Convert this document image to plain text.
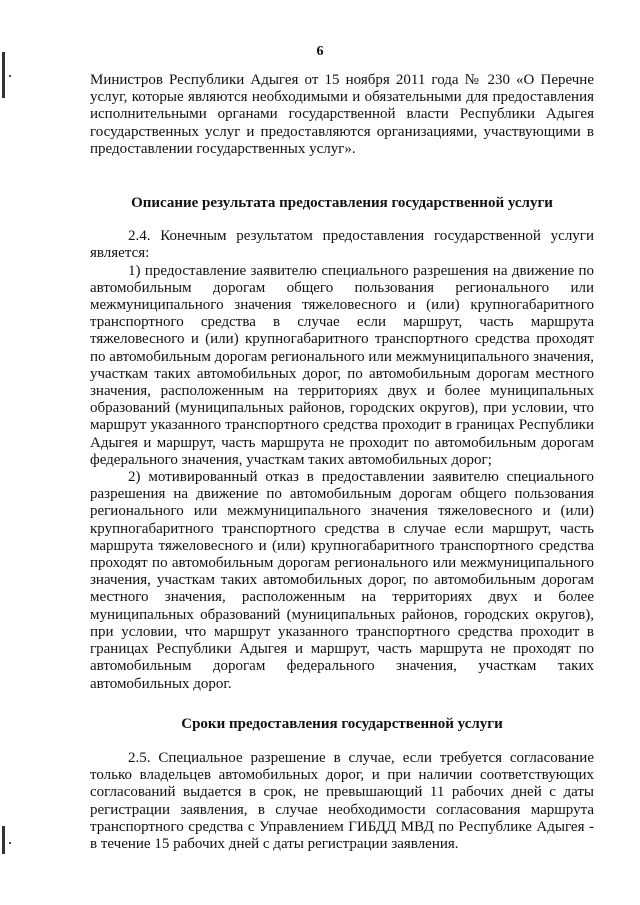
6

Министров Республики Адыгея от 15 ноября 2011 года № 230 «О Перечне услуг, которые являются необходимыми и обязательными для предоставления исполнительными органами государственной власти Республики Адыгея государственных услуг и предоставляются организациями, участвующими в предоставлении государственных услуг».

Описание результата предоставления государственной услуги

2.4. Конечным результатом предоставления государственной услуги является:

1) предоставление заявителю специального разрешения на движение по автомобильным дорогам общего пользования регионального или межмуниципального значения тяжеловесного и (или) крупногабаритного транспортного средства в случае если маршрут, часть маршрута тяжеловесного и (или) крупногабаритного транспортного средства проходят по автомобильным дорогам регионального или межмуниципального значения, участкам таких автомобильных дорог, по автомобильным дорогам местного значения, расположенным на территориях двух и более муниципальных образований (муниципальных районов, городских округов), при условии, что маршрут указанного транспортного средства проходит в границах Республики Адыгея и маршрут, часть маршрута не проходит по автомобильным дорогам федерального значения, участкам таких автомобильных дорог;

2) мотивированный отказ в предоставлении заявителю специального разрешения на движение по автомобильным дорогам общего пользования регионального или межмуниципального значения тяжеловесного и (или) крупногабаритного транспортного средства в случае если маршрут, часть маршрута тяжеловесного и (или) крупногабаритного транспортного средства проходят по автомобильным дорогам регионального или межмуниципального значения, участкам таких автомобильных дорог, по автомобильным дорогам местного значения, расположенным на территориях двух и более муниципальных образований (муниципальных районов, городских округов), при условии, что маршрут указанного транспортного средства проходит в границах Республики Адыгея и маршрут, часть маршрута не проходят по автомобильным дорогам федерального значения, участкам таких автомобильных дорог.

Сроки предоставления государственной услуги

2.5. Специальное разрешение в случае, если требуется согласование только владельцев автомобильных дорог, и при наличии соответствующих согласований выдается в срок, не превышающий 11 рабочих дней с даты регистрации заявления, в случае необходимости согласования маршрута транспортного средства с Управлением ГИБДД МВД по Республике Адыгея - в течение 15 рабочих дней с даты регистрации заявления.
